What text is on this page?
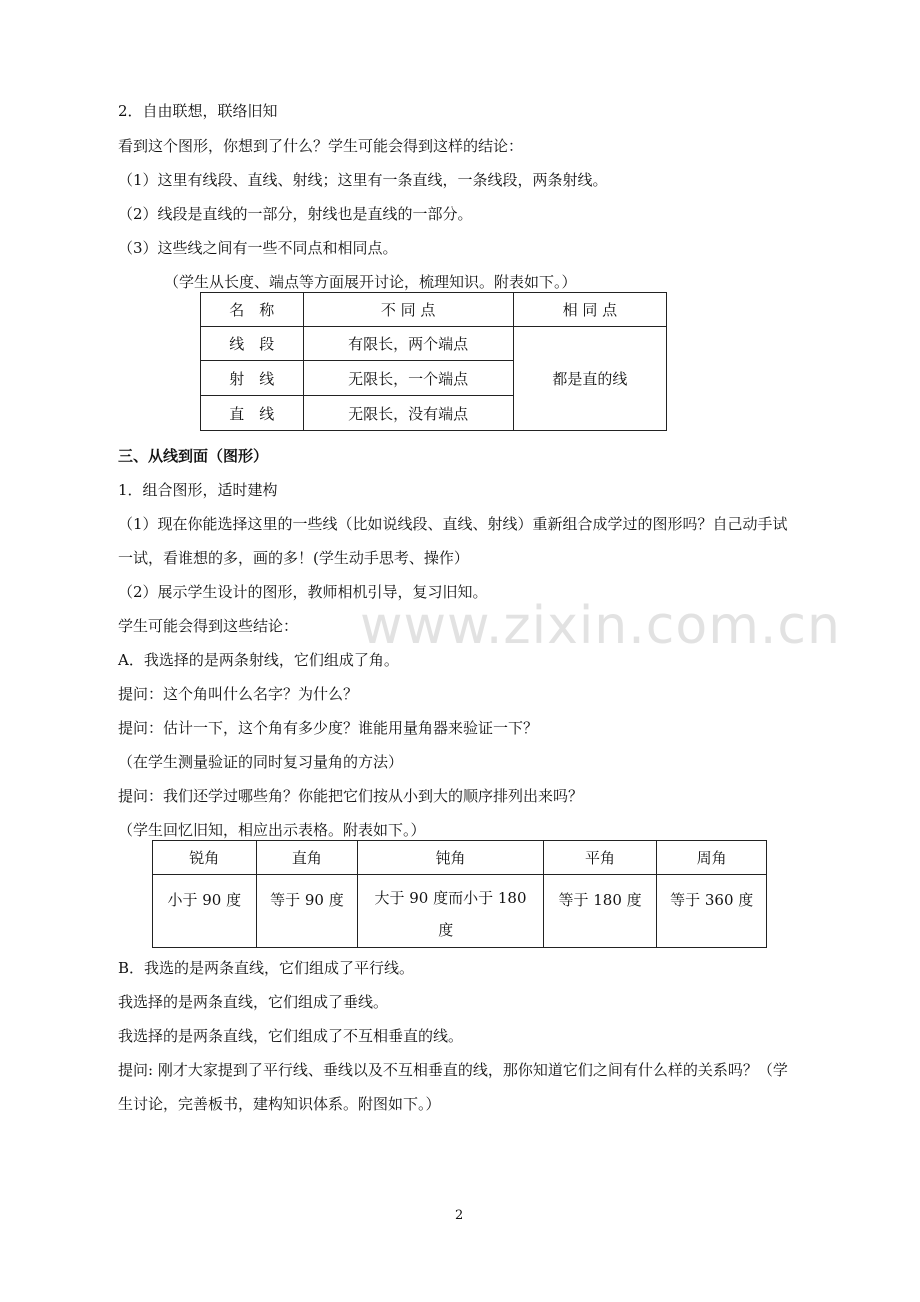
www.zixin.com.cn
2．自由联想，联络旧知
看到这个图形，你想到了什么？学生可能会得到这样的结论：
（1）这里有线段、直线、射线；这里有一条直线，一条线段，两条射线。
（2）线段是直线的一部分，射线也是直线的一部分。
（3）这些线之间有一些不同点和相同点。
（学生从长度、端点等方面展开讨论，梳理知识。附表如下。）
名　称	不 同 点	相 同 点
线　段	有限长，两个端点	都是直的线
射　线	无限长，一个端点	
直　线	无限长，没有端点	
三、从线到面（图形）
1．组合图形，适时建构
（1）现在你能选择这里的一些线（比如说线段、直线、射线）重新组合成学过的图形吗？自己动手试
一试，看谁想的多，画的多！(学生动手思考、操作）
（2）展示学生设计的图形，教师相机引导，复习旧知。
学生可能会得到这些结论：
A．我选择的是两条射线，它们组成了角。
提问：这个角叫什么名字？为什么？
提问：估计一下，这个角有多少度？谁能用量角器来验证一下？
（在学生测量验证的同时复习量角的方法）
提问：我们还学过哪些角？你能把它们按从小到大的顺序排列出来吗？
（学生回忆旧知，相应出示表格。附表如下。）
锐角	直角	钝角	平角	周角
小于 90 度	等于 90 度	大于 90 度而小于 180
度	等于 180 度	等于 360 度
B．我选的是两条直线，它们组成了平行线。
我选择的是两条直线，它们组成了垂线。
我选择的是两条直线，它们组成了不互相垂直的线。
提问: 刚才大家提到了平行线、垂线以及不互相垂直的线，那你知道它们之间有什么样的关系吗？（学
生讨论，完善板书，建构知识体系。附图如下。）
2
